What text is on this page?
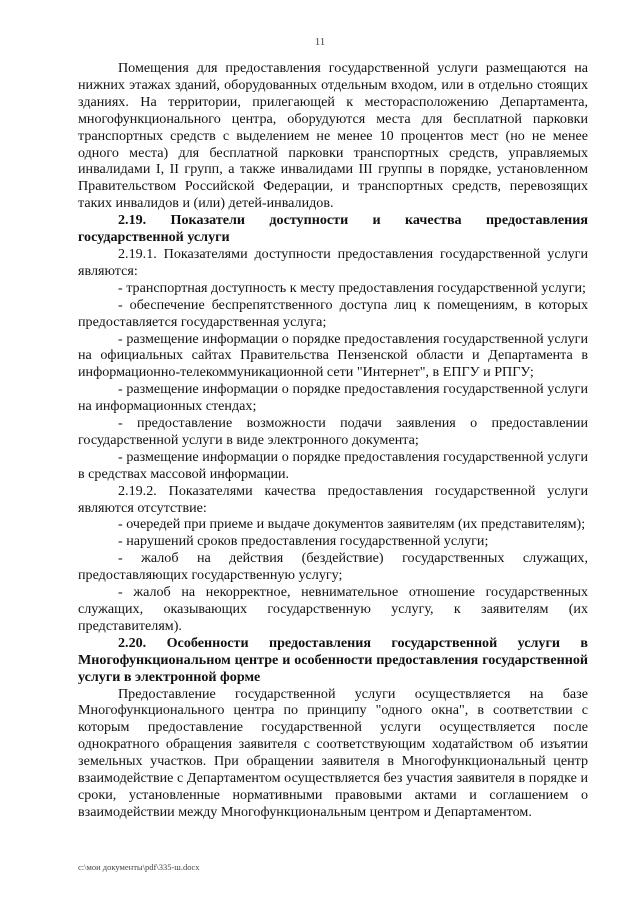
11

Помещения для предоставления государственной услуги размещаются на нижних этажах зданий, оборудованных отдельным входом, или в отдельно стоящих зданиях. На территории, прилегающей к месторасположению Департамента, многофункционального центра, оборудуются места для бесплатной парковки транспортных средств с выделением не менее 10 процентов мест (но не менее одного места) для бесплатной парковки транспортных средств, управляемых инвалидами I, II групп, а также инвалидами III группы в порядке, установленном Правительством Российской Федерации, и транспортных средств, перевозящих таких инвалидов и (или) детей-инвалидов.

2.19. Показатели доступности и качества предоставления государственной услуги

2.19.1. Показателями доступности предоставления государственной услуги являются:

- транспортная доступность к месту предоставления государственной услуги;

- обеспечение беспрепятственного доступа лиц к помещениям, в которых предоставляется государственная услуга;

- размещение информации о порядке предоставления государственной услуги на официальных сайтах Правительства Пензенской области и Департамента в информационно-телекоммуникационной сети "Интернет", в ЕПГУ и РПГУ;

- размещение информации о порядке предоставления государственной услуги на информационных стендах;

- предоставление возможности подачи заявления о предоставлении государственной услуги в виде электронного документа;

- размещение информации о порядке предоставления государственной услуги в средствах массовой информации.

2.19.2. Показателями качества предоставления государственной услуги являются отсутствие:

- очередей при приеме и выдаче документов заявителям (их представителям);

- нарушений сроков предоставления государственной услуги;

- жалоб на действия (бездействие) государственных служащих, предоставляющих государственную услугу;

- жалоб на некорректное, невнимательное отношение государственных служащих, оказывающих государственную услугу, к заявителям (их представителям).

2.20. Особенности предоставления государственной услуги в Многофункциональном центре и особенности предоставления государственной услуги в электронной форме

Предоставление государственной услуги осуществляется на базе Многофункционального центра по принципу "одного окна", в соответствии с которым предоставление государственной услуги осуществляется после однократного обращения заявителя с соответствующим ходатайством об изъятии земельных участков. При обращении заявителя в Многофункциональный центр взаимодействие с Департаментом осуществляется без участия заявителя в порядке и сроки, установленные нормативными правовыми актами и соглашением о взаимодействии между Многофункциональным центром и Департаментом.

c:\мои документы\pdf\335-ш.docx
